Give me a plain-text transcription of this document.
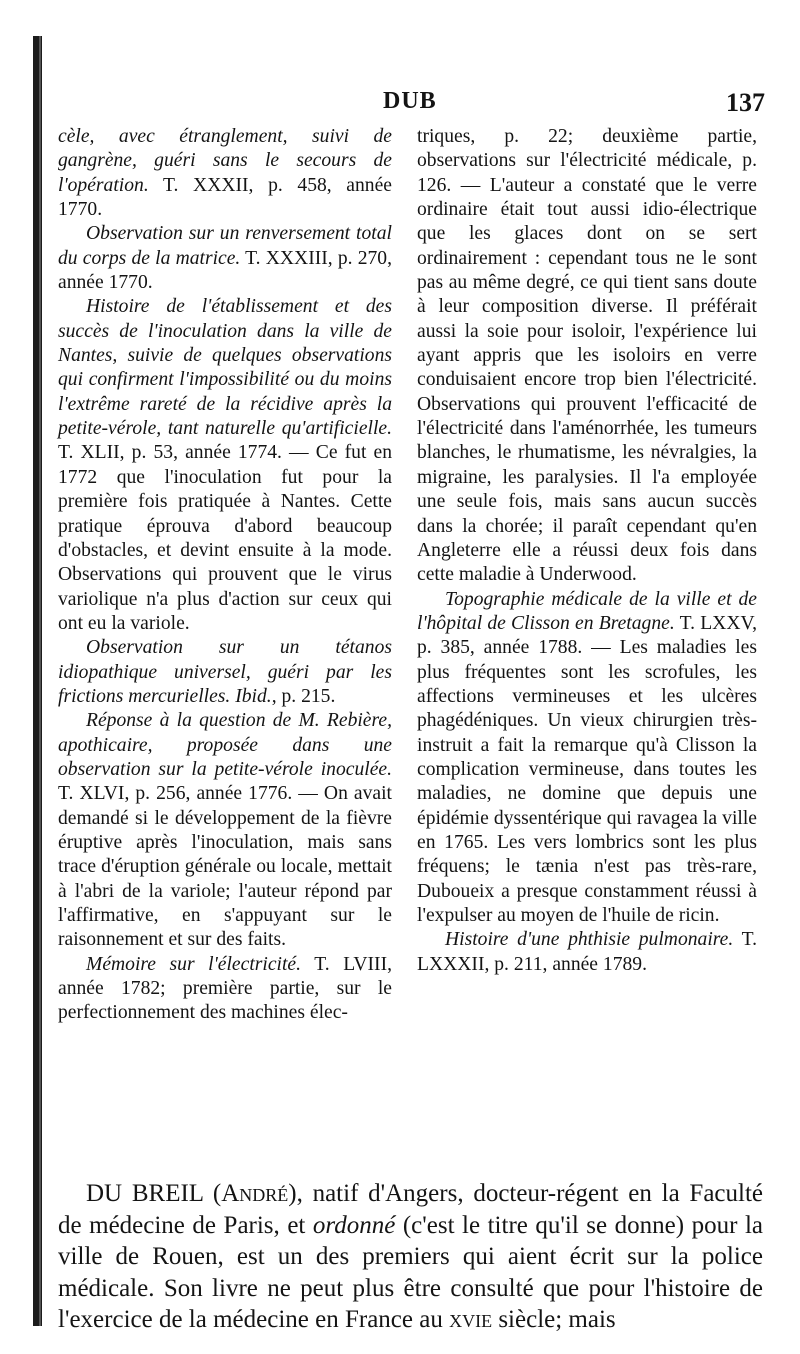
DUB	137

cèle, avec étranglement, suivi de gangrène, guéri sans le secours de l'opération. T. XXXII, p. 458, année 1770.

Observation sur un renversement total du corps de la matrice. T. XXXIII, p. 270, année 1770.

Histoire de l'établissement et des succès de l'inoculation dans la ville de Nantes, suivie de quelques observations qui confirment l'impossibilité ou du moins l'extrême rareté de la récidive après la petite-vérole, tant naturelle qu'artificielle. T. XLII, p. 53, année 1774. — Ce fut en 1772 que l'inoculation fut pour la première fois pratiquée à Nantes. Cette pratique éprouva d'abord beaucoup d'obstacles, et devint ensuite à la mode. Observations qui prouvent que le virus variolique n'a plus d'action sur ceux qui ont eu la variole.

Observation sur un tétanos idiopathique universel, guéri par les frictions mercurielles. Ibid., p. 215.

Réponse à la question de M. Rebière, apothicaire, proposée dans une observation sur la petite-vérole inoculée. T. XLVI, p. 256, année 1776. — On avait demandé si le développement de la fièvre éruptive après l'inoculation, mais sans trace d'éruption générale ou locale, mettait à l'abri de la variole; l'auteur répond par l'affirmative, en s'appuyant sur le raisonnement et sur des faits.

Mémoire sur l'électricité. T. LVIII, année 1782; première partie, sur le perfectionnement des machines élec-

triques, p. 22; deuxième partie, observations sur l'électricité médicale, p. 126. — L'auteur a constaté que le verre ordinaire était tout aussi idio-électrique que les glaces dont on se sert ordinairement : cependant tous ne le sont pas au même degré, ce qui tient sans doute à leur composition diverse. Il préférait aussi la soie pour isoloir, l'expérience lui ayant appris que les isoloirs en verre conduisaient encore trop bien l'électricité. Observations qui prouvent l'efficacité de l'électricité dans l'aménorrhée, les tumeurs blanches, le rhumatisme, les névralgies, la migraine, les paralysies. Il l'a employée une seule fois, mais sans aucun succès dans la chorée; il paraît cependant qu'en Angleterre elle a réussi deux fois dans cette maladie à Underwood.

Topographie médicale de la ville et de l'hôpital de Clisson en Bretagne. T. LXXV, p. 385, année 1788. — Les maladies les plus fréquentes sont les scrofules, les affections vermineuses et les ulcères phagédéniques. Un vieux chirurgien très-instruit a fait la remarque qu'à Clisson la complication vermineuse, dans toutes les maladies, ne domine que depuis une épidémie dyssentérique qui ravagea la ville en 1765. Les vers lombrics sont les plus fréquens; le tænia n'est pas très-rare, Duboueix a presque constamment réussi à l'expulser au moyen de l'huile de ricin.

Histoire d'une phthisie pulmonaire. T. LXXXII, p. 211, année 1789.

DU BREIL (André), natif d'Angers, docteur-régent en la Faculté de médecine de Paris, et ordonné (c'est le titre qu'il se donne) pour la ville de Rouen, est un des premiers qui aient écrit sur la police médicale. Son livre ne peut plus être consulté que pour l'histoire de l'exercice de la médecine en France au xvie siècle; mais
